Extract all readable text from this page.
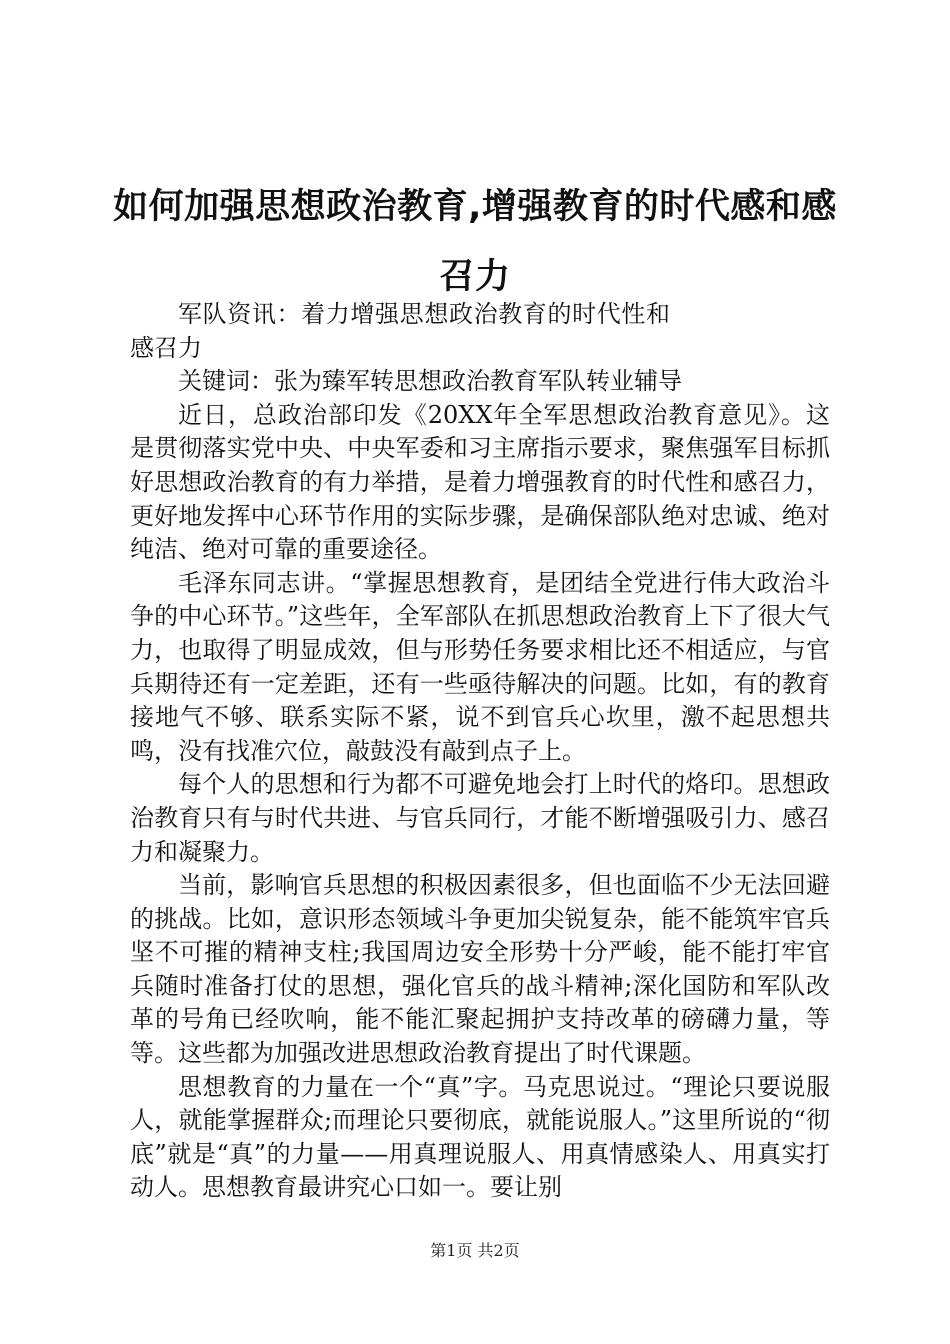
如何加强思想政治教育,增强教育的时代感和感召力

军队资讯：着力增强思想政治教育的时代性和感召力

关键词：张为臻军转思想政治教育军队转业辅导

近日，总政治部印发《20XX年全军思想政治教育意见》。这是贯彻落实党中央、中央军委和习主席指示要求，聚焦强军目标抓好思想政治教育的有力举措，是着力增强教育的时代性和感召力，更好地发挥中心环节作用的实际步骤，是确保部队绝对忠诚、绝对纯洁、绝对可靠的重要途径。

毛泽东同志讲。“掌握思想教育，是团结全党进行伟大政治斗争的中心环节。”这些年，全军部队在抓思想政治教育上下了很大气力，也取得了明显成效，但与形势任务要求相比还不相适应，与官兵期待还有一定差距，还有一些亟待解决的问题。比如，有的教育接地气不够、联系实际不紧，说不到官兵心坎里，激不起思想共鸣，没有找准穴位，敲鼓没有敲到点子上。

每个人的思想和行为都不可避免地会打上时代的烙印。思想政治教育只有与时代共进、与官兵同行，才能不断增强吸引力、感召力和凝聚力。

当前，影响官兵思想的积极因素很多，但也面临不少无法回避的挑战。比如，意识形态领域斗争更加尖锐复杂，能不能筑牢官兵坚不可摧的精神支柱;我国周边安全形势十分严峻，能不能打牢官兵随时准备打仗的思想，强化官兵的战斗精神;深化国防和军队改革的号角已经吹响，能不能汇聚起拥护支持改革的磅礴力量，等等。这些都为加强改进思想政治教育提出了时代课题。

思想教育的力量在一个“真”字。马克思说过。“理论只要说服人，就能掌握群众;而理论只要彻底，就能说服人。”这里所说的“彻底”就是“真”的力量——用真理说服人、用真情感染人、用真实打动人。思想教育最讲究心口如一。要让别

第1页 共2页
